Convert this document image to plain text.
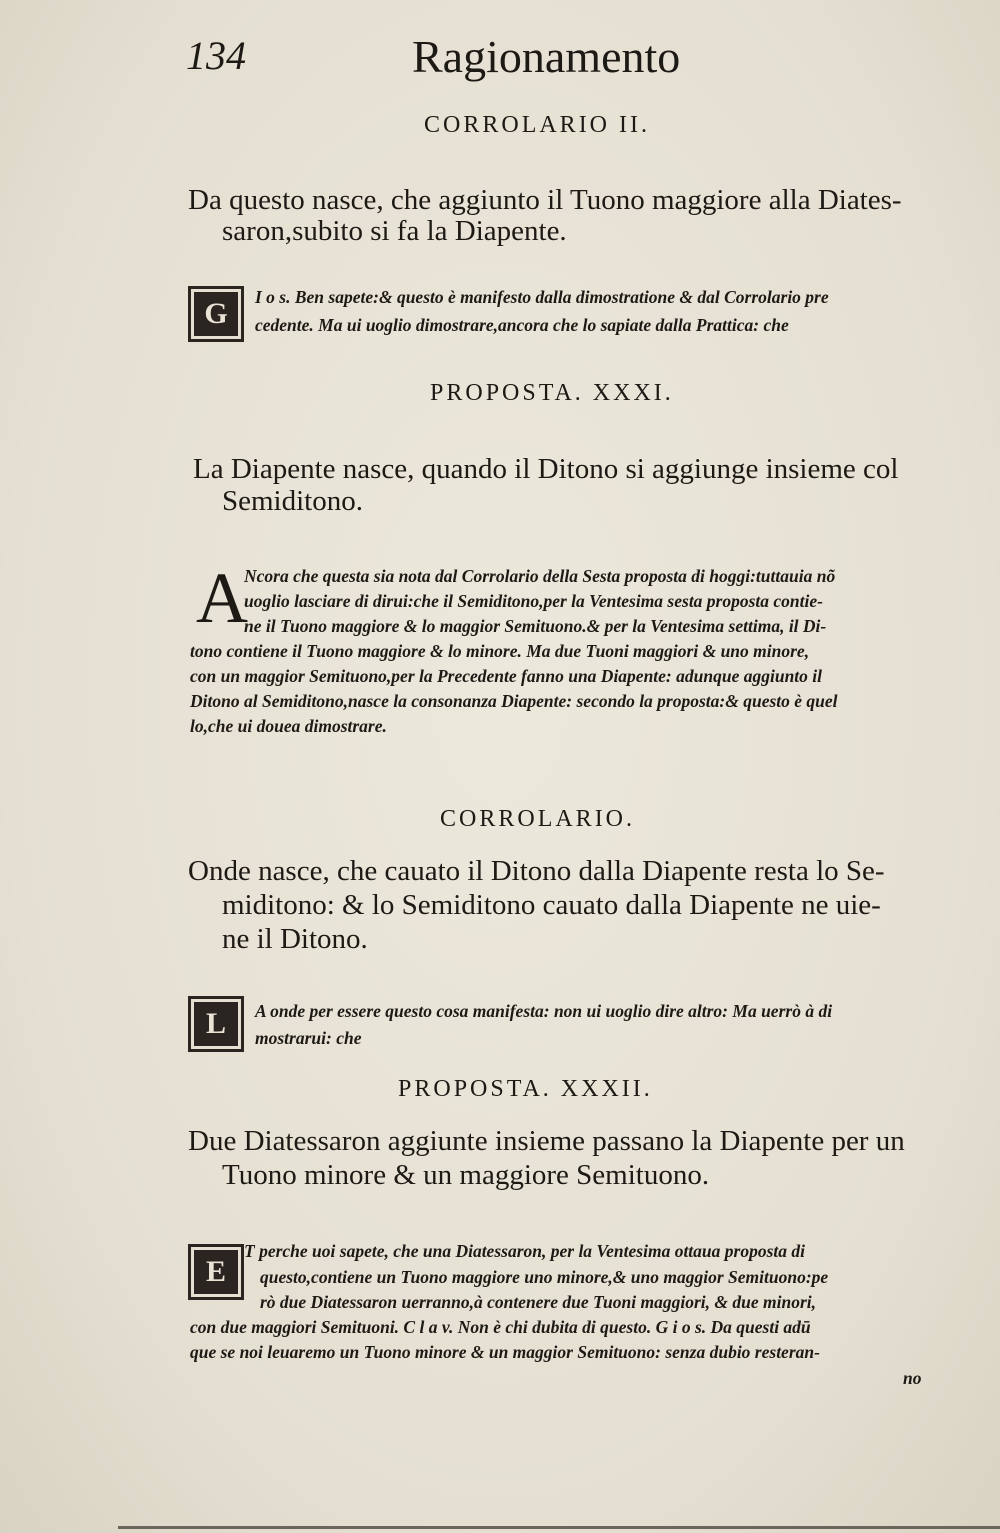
134	Ragionamento
CORROLARIO II.
Da questo nasce, che aggiunto il Tuono maggiore alla Diates-
saron,subito si fa la Diapente.
G	I o s. Ben sapete:& questo è manifesto dalla dimostratione & dal Corrolario pre
cedente. Ma ui uoglio dimostrare,ancora che lo sapiate dalla Prattica: che
PROPOSTA. XXXI.
La Diapente nasce, quando il Ditono si aggiunge insieme col
Semiditono.
A
Ncora che questa sia nota dal Corrolario della Sesta proposta di hoggi:tuttauia nõ
uoglio lasciare di dirui:che il Semiditono,per la Ventesima sesta proposta contie-
ne il Tuono maggiore & lo maggior Semituono.& per la Ventesima settima, il Di-
tono contiene il Tuono maggiore & lo minore. Ma due Tuoni maggiori & uno minore,
con un maggior Semituono,per la Precedente fanno una Diapente: adunque aggiunto il
Ditono al Semiditono,nasce la consonanza Diapente: secondo la proposta:& questo è quel
lo,che ui douea dimostrare.
CORROLARIO.
Onde nasce, che cauato il Ditono dalla Diapente resta lo Se-
miditono: & lo Semiditono cauato dalla Diapente ne uie-
ne il Ditono.
L	A onde per essere questo cosa manifesta: non ui uoglio dire altro: Ma uerrò à di
mostrarui: che
PROPOSTA. XXXII.
Due Diatessaron aggiunte insieme passano la Diapente per un
Tuono minore & un maggiore Semituono.
E
T perche uoi sapete, che una Diatessaron, per la Ventesima ottaua proposta di
questo,contiene un Tuono maggiore uno minore,& uno maggior Semituono:pe
rò due Diatessaron uerranno,à contenere due Tuoni maggiori, & due minori,
con due maggiori Semituoni. C l a v. Non è chi dubita di questo. G i o s. Da questi adū
que se noi leuaremo un Tuono minore & un maggior Semituono: senza dubio resteran-
no
